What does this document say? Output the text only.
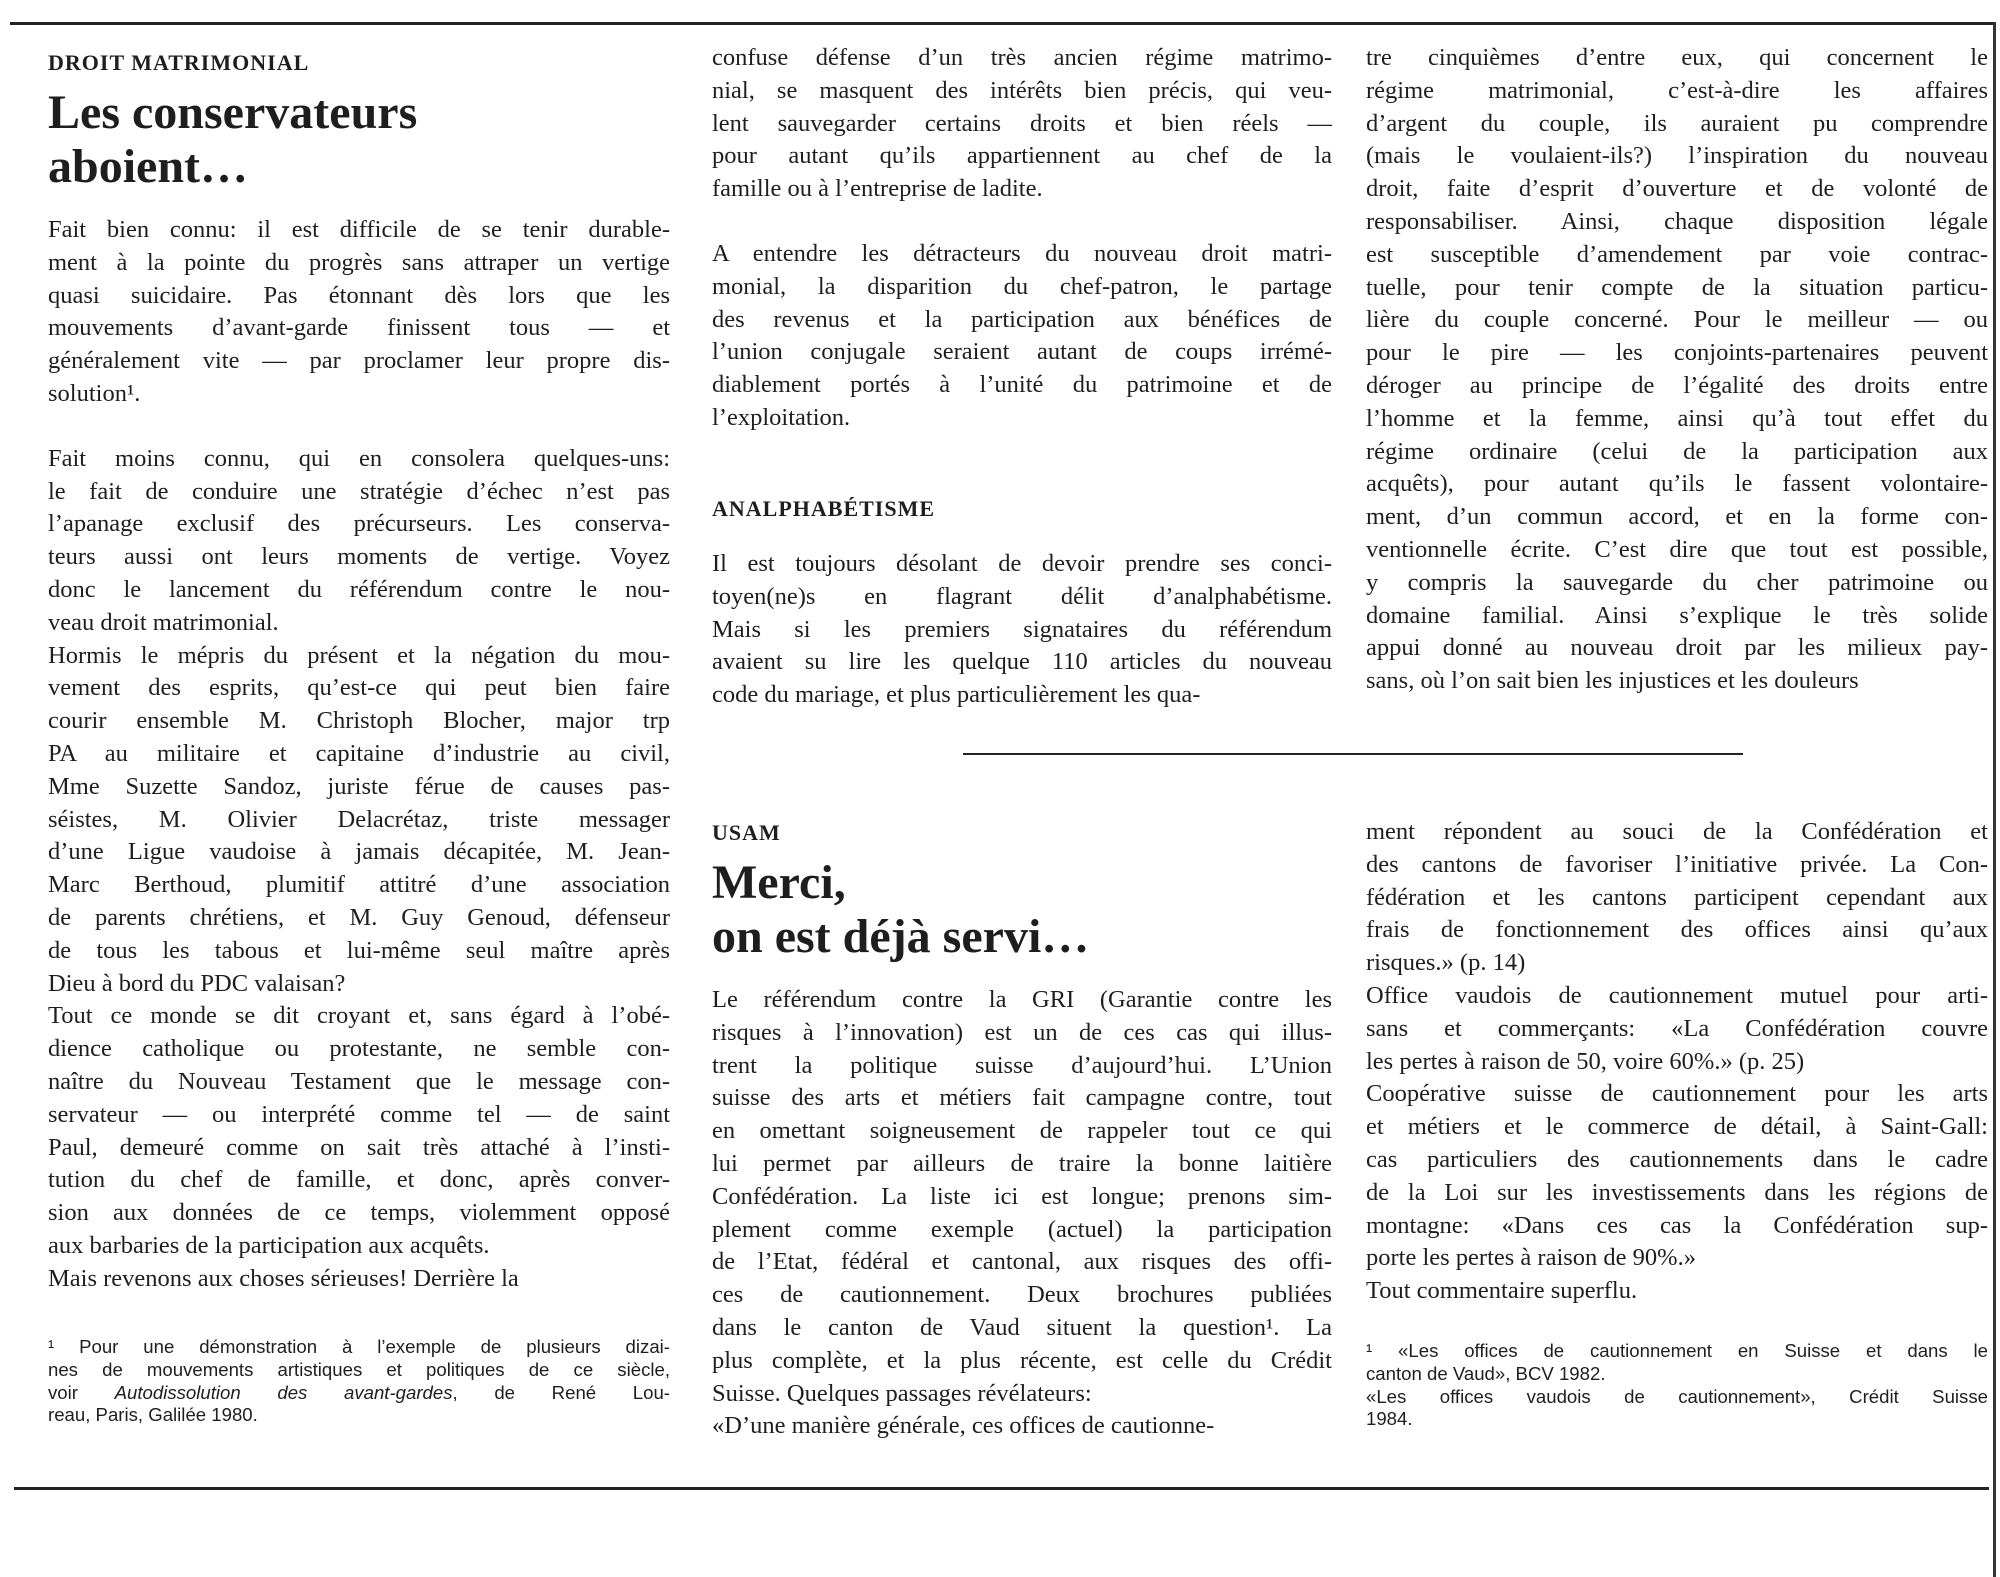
DROIT MATRIMONIAL
Les conservateurs
aboient…

Fait bien connu: il est difficile de se tenir durable-

ment à la pointe du progrès sans attraper un vertige

quasi suicidaire. Pas étonnant dès lors que les

mouvements d’avant-garde finissent tous — et

généralement vite — par proclamer leur propre dis-

solution¹.

Fait moins connu, qui en consolera quelques-uns:

le fait de conduire une stratégie d’échec n’est pas

l’apanage exclusif des précurseurs. Les conserva-

teurs aussi ont leurs moments de vertige. Voyez

donc le lancement du référendum contre le nou-

veau droit matrimonial.

Hormis le mépris du présent et la négation du mou-

vement des esprits, qu’est-ce qui peut bien faire

courir ensemble M. Christoph Blocher, major trp

PA au militaire et capitaine d’industrie au civil,

Mme Suzette Sandoz, juriste férue de causes pas-

séistes, M. Olivier Delacrétaz, triste messager

d’une Ligue vaudoise à jamais décapitée, M. Jean-

Marc Berthoud, plumitif attitré d’une association

de parents chrétiens, et M. Guy Genoud, défenseur

de tous les tabous et lui-même seul maître après

Dieu à bord du PDC valaisan?

Tout ce monde se dit croyant et, sans égard à l’obé-

dience catholique ou protestante, ne semble con-

naître du Nouveau Testament que le message con-

servateur — ou interprété comme tel — de saint

Paul, demeuré comme on sait très attaché à l’insti-

tution du chef de famille, et donc, après conver-

sion aux données de ce temps, violemment opposé

aux barbaries de la participation aux acquêts.

Mais revenons aux choses sérieuses! Derrière la

¹ Pour une démonstration à l’exemple de plusieurs dizai-

nes de mouvements artistiques et politiques de ce siècle,

voir Autodissolution des avant-gardes, de René Lou-

reau, Paris, Galilée 1980.

confuse défense d’un très ancien régime matrimo-

nial, se masquent des intérêts bien précis, qui veu-

lent sauvegarder certains droits et bien réels —

pour autant qu’ils appartiennent au chef de la

famille ou à l’entreprise de ladite.

A entendre les détracteurs du nouveau droit matri-

monial, la disparition du chef-patron, le partage

des revenus et la participation aux bénéfices de

l’union conjugale seraient autant de coups irrémé-

diablement portés à l’unité du patrimoine et de

l’exploitation.

ANALPHABÉTISME

Il est toujours désolant de devoir prendre ses conci-

toyen(ne)s en flagrant délit d’analphabétisme.

Mais si les premiers signataires du référendum

avaient su lire les quelque 110 articles du nouveau

code du mariage, et plus particulièrement les qua-

tre cinquièmes d’entre eux, qui concernent le

régime matrimonial, c’est-à-dire les affaires

d’argent du couple, ils auraient pu comprendre

(mais le voulaient-ils?) l’inspiration du nouveau

droit, faite d’esprit d’ouverture et de volonté de

responsabiliser. Ainsi, chaque disposition légale

est susceptible d’amendement par voie contrac-

tuelle, pour tenir compte de la situation particu-

lière du couple concerné. Pour le meilleur — ou

pour le pire — les conjoints-partenaires peuvent

déroger au principe de l’égalité des droits entre

l’homme et la femme, ainsi qu’à tout effet du

régime ordinaire (celui de la participation aux

acquêts), pour autant qu’ils le fassent volontaire-

ment, d’un commun accord, et en la forme con-

ventionnelle écrite. C’est dire que tout est possible,

y compris la sauvegarde du cher patrimoine ou

domaine familial. Ainsi s’explique le très solide

appui donné au nouveau droit par les milieux pay-

sans, où l’on sait bien les injustices et les douleurs

USAM
Merci,
on est déjà servi…

Le référendum contre la GRI (Garantie contre les

risques à l’innovation) est un de ces cas qui illus-

trent la politique suisse d’aujourd’hui. L’Union

suisse des arts et métiers fait campagne contre, tout

en omettant soigneusement de rappeler tout ce qui

lui permet par ailleurs de traire la bonne laitière

Confédération. La liste ici est longue; prenons sim-

plement comme exemple (actuel) la participation

de l’Etat, fédéral et cantonal, aux risques des offi-

ces de cautionnement. Deux brochures publiées

dans le canton de Vaud situent la question¹. La

plus complète, et la plus récente, est celle du Crédit

Suisse. Quelques passages révélateurs:

«D’une manière générale, ces offices de cautionne-

ment répondent au souci de la Confédération et

des cantons de favoriser l’initiative privée. La Con-

fédération et les cantons participent cependant aux

frais de fonctionnement des offices ainsi qu’aux

risques.» (p. 14)

Office vaudois de cautionnement mutuel pour arti-

sans et commerçants: «La Confédération couvre

les pertes à raison de 50, voire 60%.» (p. 25)

Coopérative suisse de cautionnement pour les arts

et métiers et le commerce de détail, à Saint-Gall:

cas particuliers des cautionnements dans le cadre

de la Loi sur les investissements dans les régions de

montagne: «Dans ces cas la Confédération sup-

porte les pertes à raison de 90%.»

Tout commentaire superflu.

¹ «Les offices de cautionnement en Suisse et dans le

canton de Vaud», BCV 1982.

«Les offices vaudois de cautionnement», Crédit Suisse

1984.
